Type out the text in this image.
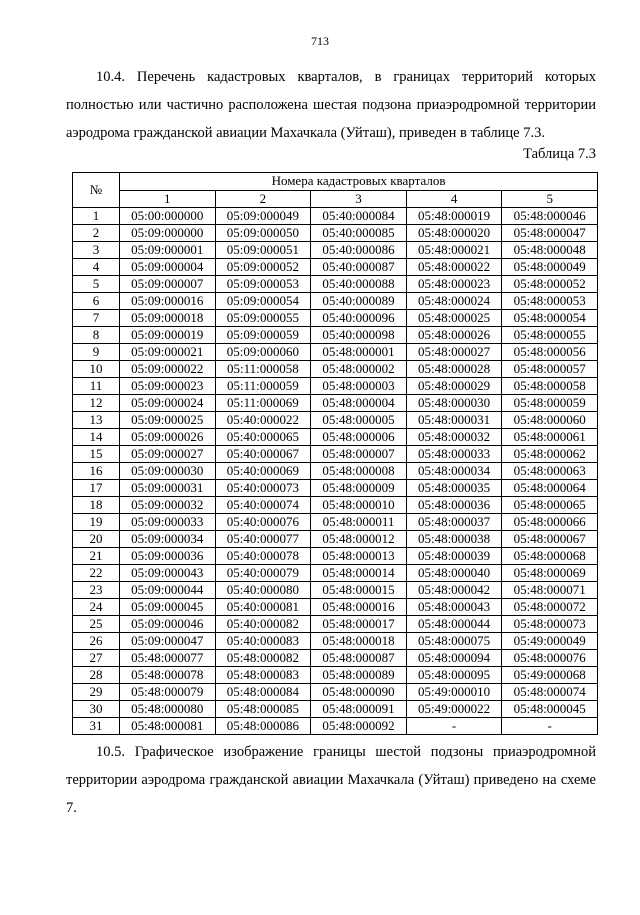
713
10.4. Перечень кадастровых кварталов, в границах территорий которых полностью или частично расположена шестая подзона приаэродромной территории аэродрома гражданской авиации Махачкала (Уйташ), приведен в таблице 7.3.
Таблица 7.3
№	Номера кадастровых кварталов				
	1	2	3	4	5
1	05:00:000000	05:09:000049	05:40:000084	05:48:000019	05:48:000046
2	05:09:000000	05:09:000050	05:40:000085	05:48:000020	05:48:000047
3	05:09:000001	05:09:000051	05:40:000086	05:48:000021	05:48:000048
4	05:09:000004	05:09:000052	05:40:000087	05:48:000022	05:48:000049
5	05:09:000007	05:09:000053	05:40:000088	05:48:000023	05:48:000052
6	05:09:000016	05:09:000054	05:40:000089	05:48:000024	05:48:000053
7	05:09:000018	05:09:000055	05:40:000096	05:48:000025	05:48:000054
8	05:09:000019	05:09:000059	05:40:000098	05:48:000026	05:48:000055
9	05:09:000021	05:09:000060	05:48:000001	05:48:000027	05:48:000056
10	05:09:000022	05:11:000058	05:48:000002	05:48:000028	05:48:000057
11	05:09:000023	05:11:000059	05:48:000003	05:48:000029	05:48:000058
12	05:09:000024	05:11:000069	05:48:000004	05:48:000030	05:48:000059
13	05:09:000025	05:40:000022	05:48:000005	05:48:000031	05:48:000060
14	05:09:000026	05:40:000065	05:48:000006	05:48:000032	05:48:000061
15	05:09:000027	05:40:000067	05:48:000007	05:48:000033	05:48:000062
16	05:09:000030	05:40:000069	05:48:000008	05:48:000034	05:48:000063
17	05:09:000031	05:40:000073	05:48:000009	05:48:000035	05:48:000064
18	05:09:000032	05:40:000074	05:48:000010	05:48:000036	05:48:000065
19	05:09:000033	05:40:000076	05:48:000011	05:48:000037	05:48:000066
20	05:09:000034	05:40:000077	05:48:000012	05:48:000038	05:48:000067
21	05:09:000036	05:40:000078	05:48:000013	05:48:000039	05:48:000068
22	05:09:000043	05:40:000079	05:48:000014	05:48:000040	05:48:000069
23	05:09:000044	05:40:000080	05:48:000015	05:48:000042	05:48:000071
24	05:09:000045	05:40:000081	05:48:000016	05:48:000043	05:48:000072
25	05:09:000046	05:40:000082	05:48:000017	05:48:000044	05:48:000073
26	05:09:000047	05:40:000083	05:48:000018	05:48:000075	05:49:000049
27	05:48:000077	05:48:000082	05:48:000087	05:48:000094	05:48:000076
28	05:48:000078	05:48:000083	05:48:000089	05:48:000095	05:49:000068
29	05:48:000079	05:48:000084	05:48:000090	05:49:000010	05:48:000074
30	05:48:000080	05:48:000085	05:48:000091	05:49:000022	05:48:000045
31	05:48:000081	05:48:000086	05:48:000092	-	-
10.5. Графическое изображение границы шестой подзоны приаэродромной территории аэродрома гражданской авиации Махачкала (Уйташ) приведено на схеме 7.
